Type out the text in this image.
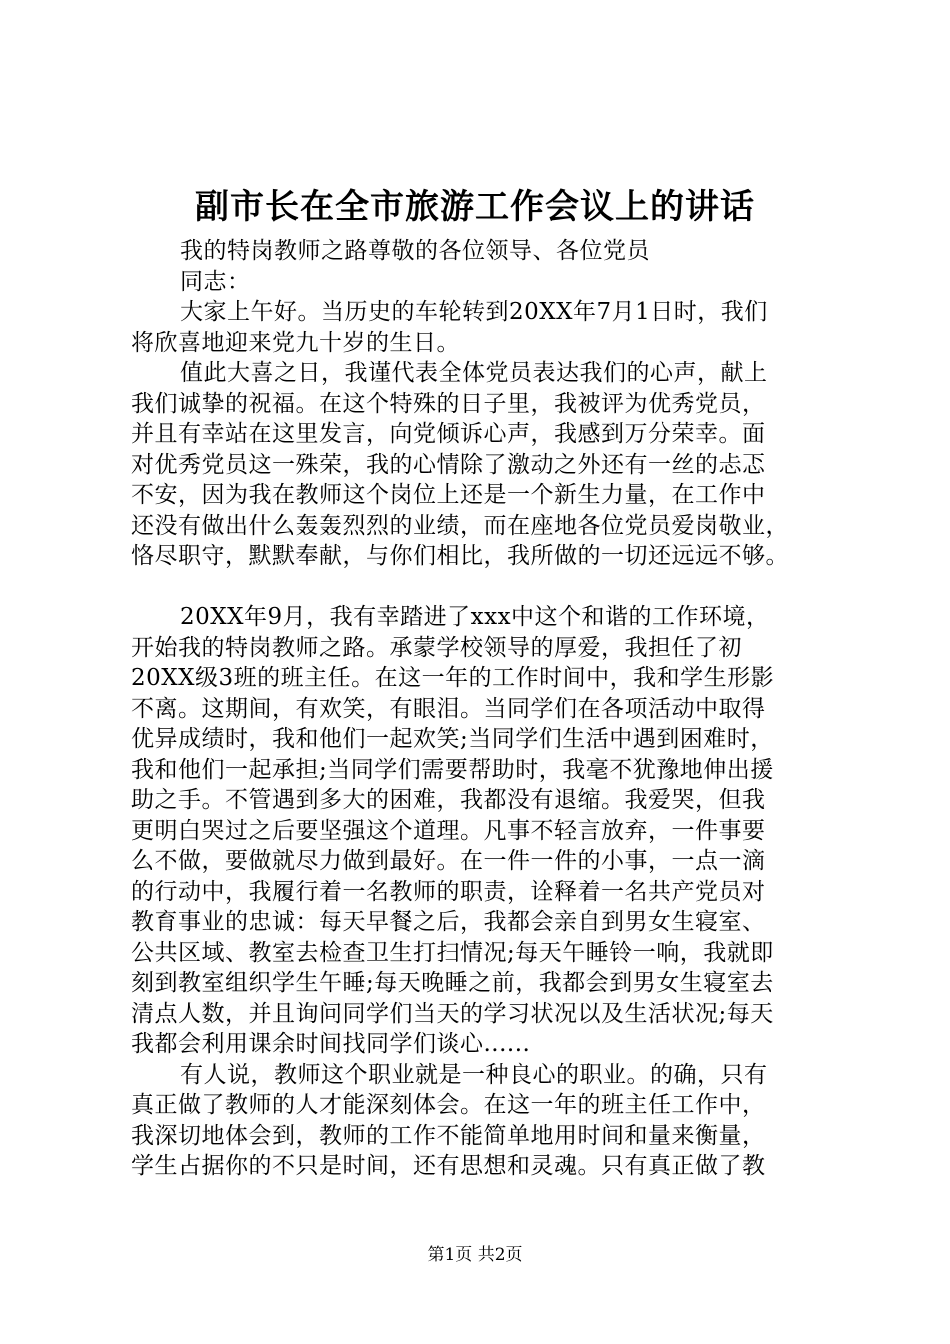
副市长在全市旅游工作会议上的讲话
我的特岗教师之路尊敬的各位领导、各位党员
同志：
大家上午好。当历史的车轮转到20XX年7月1日时，我们
将欣喜地迎来党九十岁的生日。
值此大喜之日，我谨代表全体党员表达我们的心声，献上
我们诚挚的祝福。在这个特殊的日子里，我被评为优秀党员，
并且有幸站在这里发言，向党倾诉心声，我感到万分荣幸。面
对优秀党员这一殊荣，我的心情除了激动之外还有一丝的忐忑
不安，因为我在教师这个岗位上还是一个新生力量，在工作中
还没有做出什么轰轰烈烈的业绩，而在座地各位党员爱岗敬业，
恪尽职守，默默奉献，与你们相比，我所做的一切还远远不够。
20XX年9月，我有幸踏进了xxx中这个和谐的工作环境，
开始我的特岗教师之路。承蒙学校领导的厚爱，我担任了初
20XX级3班的班主任。在这一年的工作时间中，我和学生形影
不离。这期间，有欢笑，有眼泪。当同学们在各项活动中取得
优异成绩时，我和他们一起欢笑;当同学们生活中遇到困难时，
我和他们一起承担;当同学们需要帮助时，我毫不犹豫地伸出援
助之手。不管遇到多大的困难，我都没有退缩。我爱哭，但我
更明白哭过之后要坚强这个道理。凡事不轻言放弃，一件事要
么不做，要做就尽力做到最好。在一件一件的小事，一点一滴
的行动中，我履行着一名教师的职责，诠释着一名共产党员对
教育事业的忠诚：每天早餐之后，我都会亲自到男女生寝室、
公共区域、教室去检查卫生打扫情况;每天午睡铃一响，我就即
刻到教室组织学生午睡;每天晚睡之前，我都会到男女生寝室去
清点人数，并且询问同学们当天的学习状况以及生活状况;每天
我都会利用课余时间找同学们谈心......
有人说，教师这个职业就是一种良心的职业。的确，只有
真正做了教师的人才能深刻体会。在这一年的班主任工作中，
我深切地体会到，教师的工作不能简单地用时间和量来衡量，
学生占据你的不只是时间，还有思想和灵魂。只有真正做了教
第1页 共2页
